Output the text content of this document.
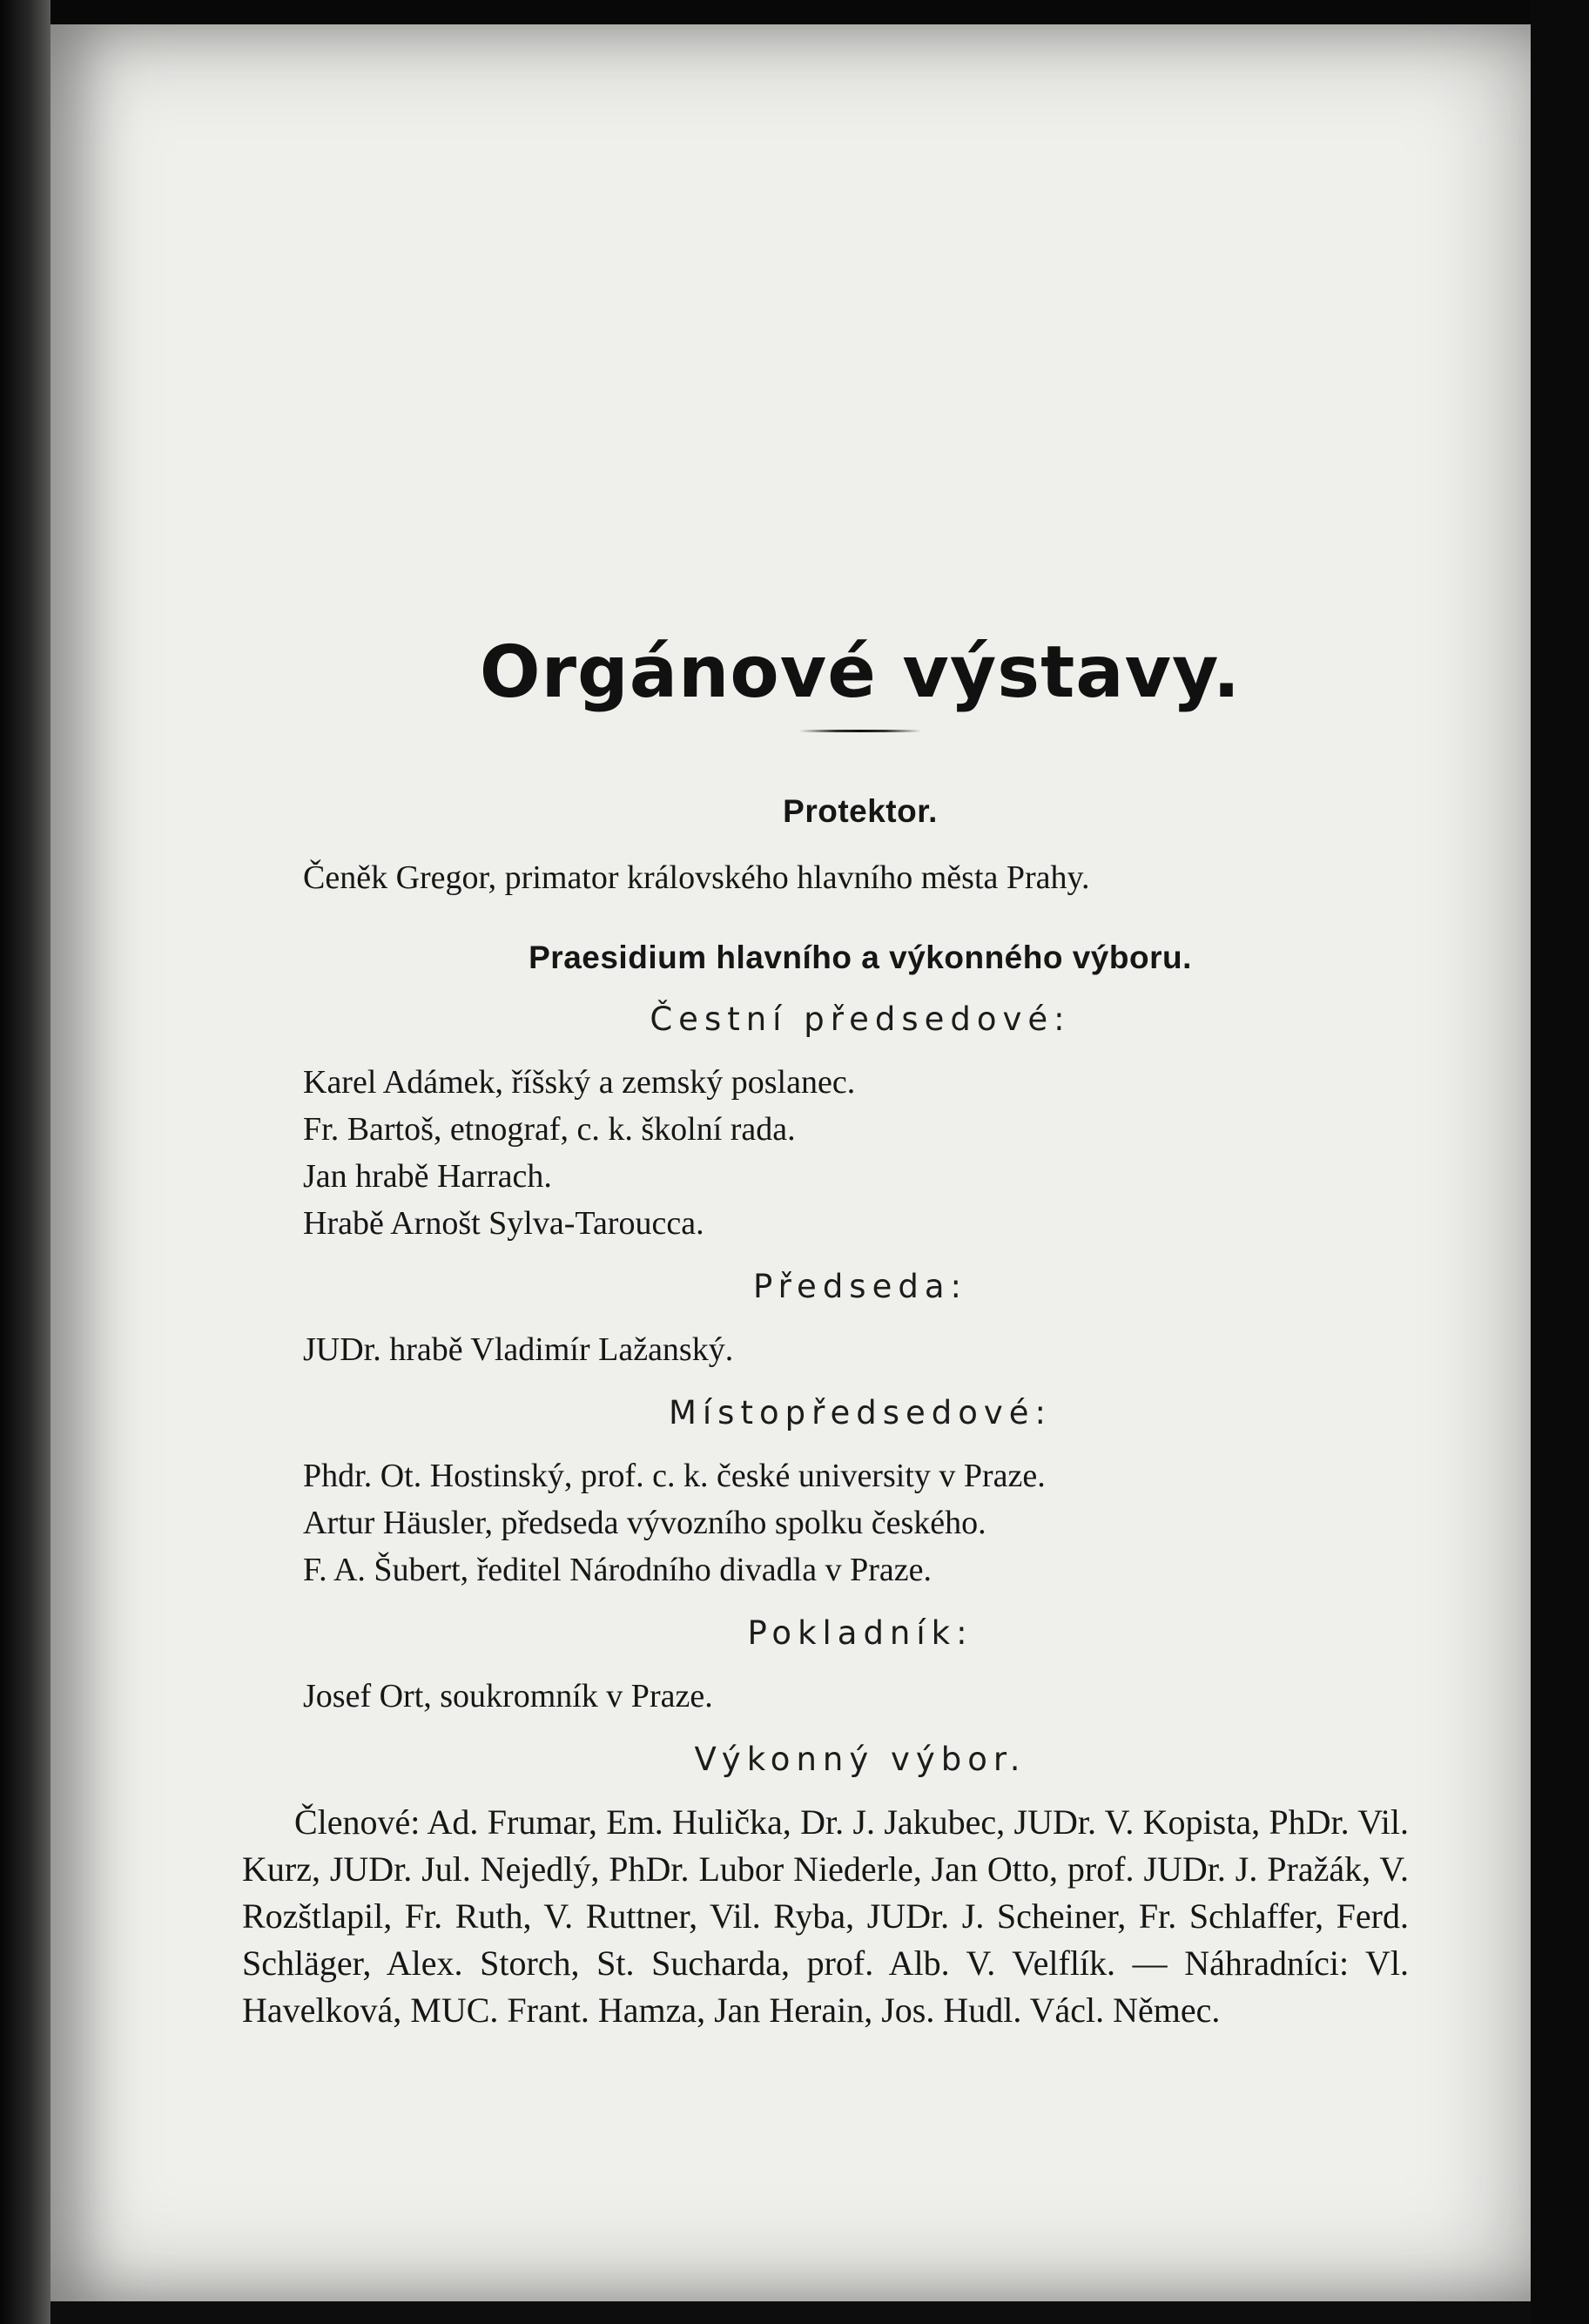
Orgánové výstavy.

Protektor.

Čeněk Gregor, primator královského hlavního města Prahy.

Praesidium hlavního a výkonného výboru.

Čestní předsedové:

Karel Adámek, říšský a zemský poslanec.

Fr. Bartoš, etnograf, c. k. školní rada.

Jan hrabě Harrach.

Hrabě Arnošt Sylva-Taroucca.

Předseda:

JUDr. hrabě Vladimír Lažanský.

Místopředsedové:

Phdr. Ot. Hostinský, prof. c. k. české university v Praze.

Artur Häusler, předseda vývozního spolku českého.

F. A. Šubert, ředitel Národního divadla v Praze.

Pokladník:

Josef Ort, soukromník v Praze.

Výkonný výbor.

Členové: Ad. Frumar, Em. Hulička, Dr. J. Jakubec, JUDr. V. Kopista, PhDr. Vil. Kurz, JUDr. Jul. Nejedlý, PhDr. Lubor Niederle, Jan Otto, prof. JUDr. J. Pražák, V. Rozštlapil, Fr. Ruth, V. Ruttner, Vil. Ryba, JUDr. J. Scheiner, Fr. Schlaffer, Ferd. Schläger, Alex. Storch, St. Sucharda, prof. Alb. V. Velflík. — Náhradníci: Vl. Havelková, MUC. Frant. Hamza, Jan Herain, Jos. Hudl. Václ. Němec.
